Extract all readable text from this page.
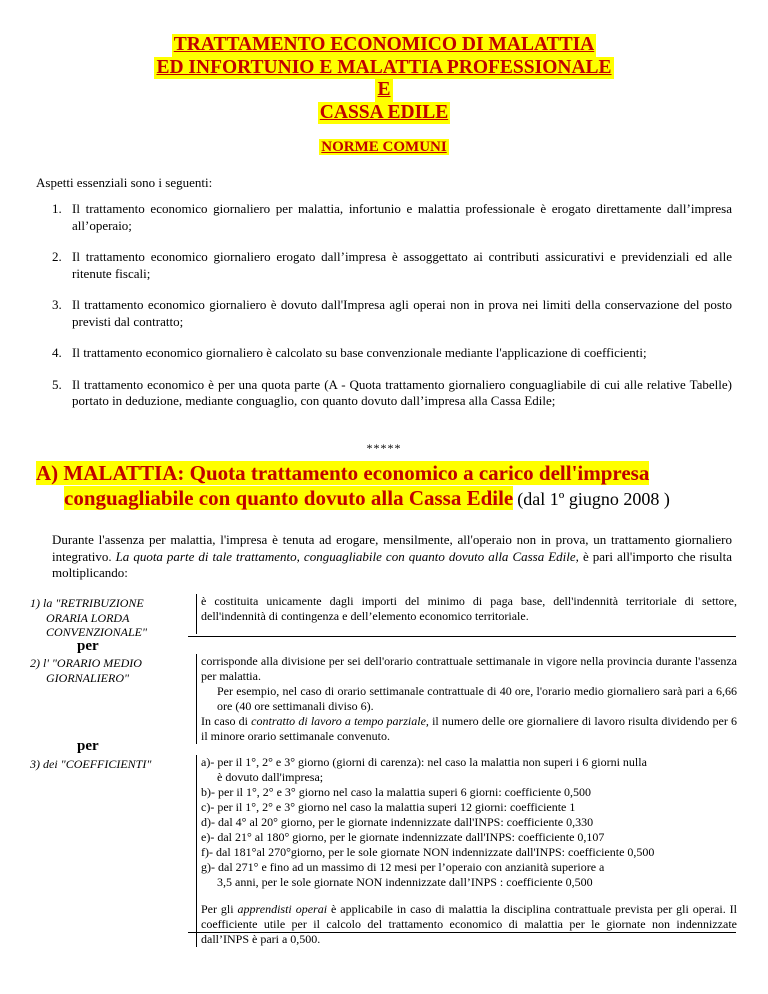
TRATTAMENTO ECONOMICO DI MALATTIA
ED INFORTUNIO E MALATTIA PROFESSIONALE
E
CASSA EDILE
NORME COMUNI
Aspetti essenziali sono i seguenti:
1. Il trattamento economico giornaliero per malattia, infortunio e malattia professionale è erogato direttamente dall’impresa all’operaio;
2. Il trattamento economico giornaliero erogato dall’impresa è assoggettato ai contributi assicurativi e previdenziali ed alle ritenute fiscali;
3. Il trattamento economico giornaliero è dovuto dall'Impresa agli operai non in prova nei limiti della conservazione del posto previsti dal contratto;
4. Il trattamento economico giornaliero è calcolato su base convenzionale mediante l'applicazione di coefficienti;
5. Il trattamento economico è per una quota parte (A - Quota trattamento giornaliero conguagliabile di cui alle relative Tabelle) portato in deduzione, mediante conguaglio, con quanto dovuto dall’impresa alla Cassa Edile;
*****
A) MALATTIA: Quota trattamento economico a carico dell'impresa
conguagliabile con quanto dovuto alla Cassa Edile (dal 1º giugno 2008 )
Durante l'assenza per malattia, l'impresa è tenuta ad erogare, mensilmente, all'operaio non in prova, un trattamento giornaliero integrativo. La quota parte di tale trattamento, conguagliabile con quanto dovuto alla Cassa Edile, è pari all'importo che risulta moltiplicando:
1) la "RETRIBUZIONE
ORARIA LORDA
CONVENZIONALE"
è costituita unicamente dagli importi del minimo di paga base, dell'indennità territoriale di settore, dell'indennità di contingenza e dell’elemento economico territoriale.
per
2) l' "ORARIO MEDIO
GIORNALIERO"
corrisponde alla divisione per sei dell'orario contrattuale settimanale in vigore nella provincia durante l'assenza per malattia.
Per esempio, nel caso di orario settimanale contrattuale di 40 ore, l'orario medio giornaliero sarà pari a 6,66 ore (40 ore settimanali diviso 6).
In caso di contratto di lavoro a tempo parziale, il numero delle ore giornaliere di lavoro risulta dividendo per 6 il minore orario settimanale convenuto.
per
3) dei "COEFFICIENTI"	a)- per il 1°, 2° e 3° giorno (giorni di carenza): nel caso la malattia non superi i 6 giorni nulla
è dovuto dall'impresa;
b)- per il 1°, 2° e 3° giorno nel caso la malattia superi 6 giorni: coefficiente 0,500
c)- per il 1°, 2° e 3° giorno nel caso la malattia superi 12 giorni: coefficiente 1
d)- dal 4° al 20° giorno, per le giornate indennizzate dall'INPS: coefficiente 0,330
e)- dal 21° al 180° giorno, per le giornate indennizzate dall'INPS: coefficiente 0,107
f)- dal 181°al 270°giorno, per le sole giornate NON indennizzate dall'INPS: coefficiente 0,500
g)- dal 271° e fino ad un massimo di 12 mesi per l’operaio con anzianità superiore a
3,5 anni, per le sole giornate NON indennizzate dall’INPS : coefficiente 0,500
Per gli apprendisti operai è applicabile in caso di malattia la disciplina contrattuale prevista per gli operai. Il coefficiente utile per il calcolo del trattamento economico di malattia per le giornate non indennizzate dall’INPS è pari a 0,500.
